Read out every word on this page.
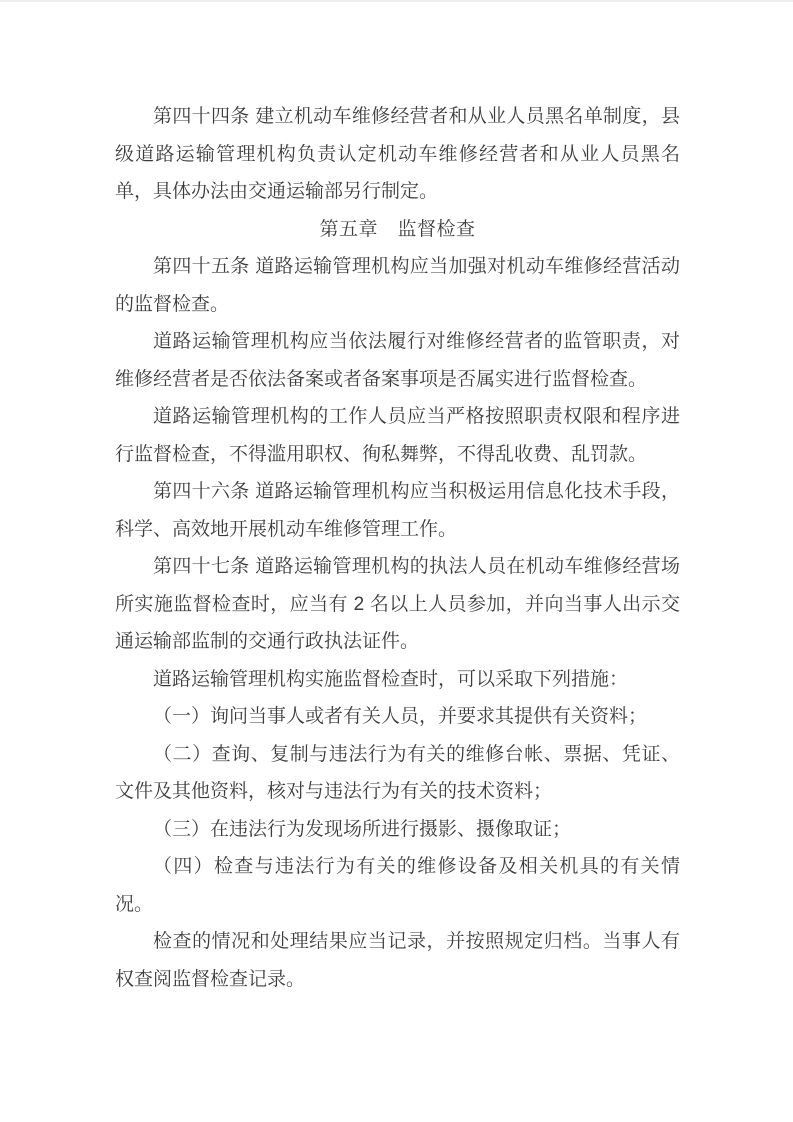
第四十四条 建立机动车维修经营者和从业人员黑名单制度，县级道路运输管理机构负责认定机动车维修经营者和从业人员黑名单，具体办法由交通运输部另行制定。

第五章　监督检查

第四十五条 道路运输管理机构应当加强对机动车维修经营活动的监督检查。

道路运输管理机构应当依法履行对维修经营者的监管职责，对维修经营者是否依法备案或者备案事项是否属实进行监督检查。

道路运输管理机构的工作人员应当严格按照职责权限和程序进行监督检查，不得滥用职权、徇私舞弊，不得乱收费、乱罚款。

第四十六条 道路运输管理机构应当积极运用信息化技术手段，科学、高效地开展机动车维修管理工作。

第四十七条 道路运输管理机构的执法人员在机动车维修经营场所实施监督检查时，应当有 2 名以上人员参加，并向当事人出示交通运输部监制的交通行政执法证件。

道路运输管理机构实施监督检查时，可以采取下列措施：

（一）询问当事人或者有关人员，并要求其提供有关资料；

（二）查询、复制与违法行为有关的维修台帐、票据、凭证、文件及其他资料，核对与违法行为有关的技术资料；

（三）在违法行为发现场所进行摄影、摄像取证；

（四）检查与违法行为有关的维修设备及相关机具的有关情况。

检查的情况和处理结果应当记录，并按照规定归档。当事人有权查阅监督检查记录。
